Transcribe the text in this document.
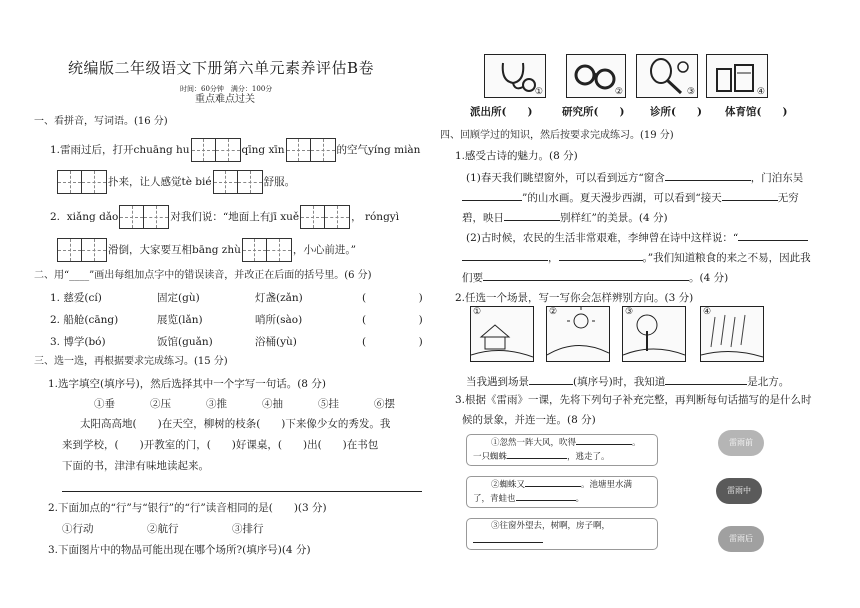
统编版二年级语文下册第六单元素养评估B卷
时间：60分钟　满分：100分
重点难点过关
一、看拼音，写词语。(16 分)
1.雷雨过后，打开chuāng hu	qīng xīn	的空气yíng miàn
扑来，让人感觉tè bié	舒服。
2. xiǎng dǎo	对我们说：“地面上有jī xuě	， róngyì
滑倒，大家要互相bāng zhù	，小心前进。”
二、用“____”画出每组加点字中的错误读音，并改正在后面的括号里。(6 分)
1. 慈爱(cí)	固定(gù)	灯盏(zǎn)	(　　　　　)
2. 船舱(cāng)	展览(lǎn)	哨所(sào)	(　　　　　)
3. 博学(bó)	饭馆(guǎn)	浴桶(yù)	(　　　　　)
三、选一选，再根据要求完成练习。(15 分)
1.选字填空(填序号)，然后选择其中一个字写一句话。(8 分)
①垂	②压	③推	④抽	⑤挂	⑥摆
太阳高高地(　　)在天空，柳树的枝条(　　)下来像少女的秀发。我
来到学校，(　　)开教室的门，(　　)好课桌，(　　)出(　　)在书包
下面的书，津津有味地读起来。
2.下面加点的“行”与“银行”的“行”读音相同的是(　　)(3 分)
①行动	②航行	③排行
3.下面图片中的物品可能出现在哪个场所?(填序号)(4 分)
①	②	③	④
派出所(　　)	研究所(　　) 诊所(　　) 体育馆(　　)
四、回顾学过的知识，然后按要求完成练习。(19 分)
1.感受古诗的魅力。(8 分)
(1)春天我们眺望窗外，可以看到远方“窗含	，门泊东吴
”的山水画。夏天漫步西湖，可以看到“接天	无穷
碧，映日	别样红”的美景。(4 分)
(2)古时候，农民的生活非常艰难，李绅曾在诗中这样说：“
，	。”我们知道粮食的来之不易，因此我
们要	。(4 分)
2.任选一个场景，写一写你会怎样辨别方向。(3 分)
①	②	③	④
当我遇到场景	(填序号)时，我知道	是北方。
3.根据《雷雨》一课，先将下列句子补充完整，再判断每句话描写的是什么时
候的景象，并连一连。(8 分)
①忽然一阵大风，吹得	。
一只蜘蛛	，逃走了。
②蜘蛛又	。池塘里水满
了，青蛙也	。
③往窗外望去，树啊，房子啊，
雷雨前
雷雨中
雷雨后
